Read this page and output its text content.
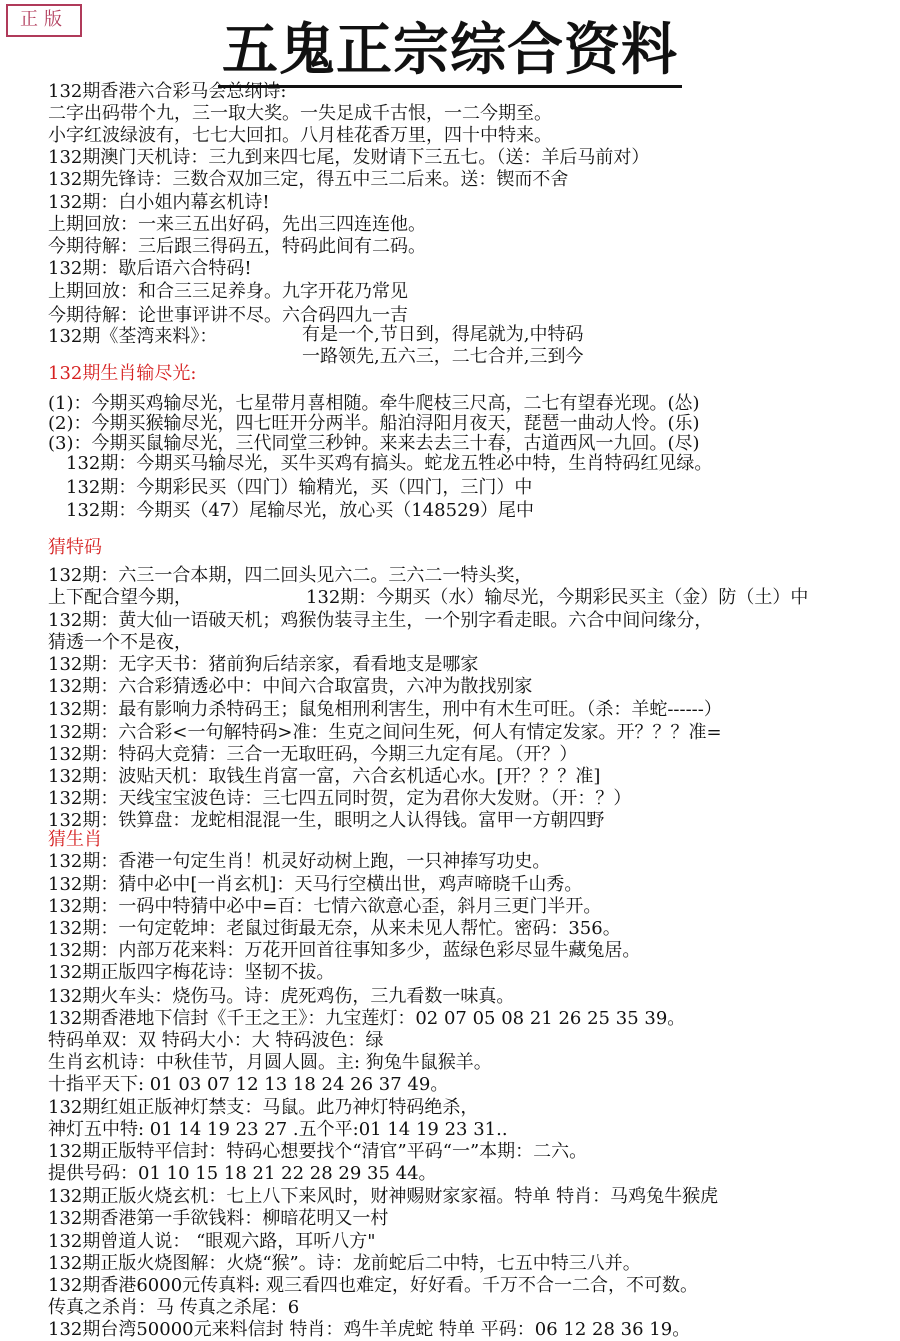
正版	五鬼正宗综合资料
132期香港六合彩马会总纲诗:
二字出码带个九，三一取大奖。一失足成千古恨，一二今期至。
小字红波绿波有，七七大回扣。八月桂花香万里，四十中特来。
132期澳门天机诗：三九到来四七尾，发财请下三五七。（送：羊后马前对）
132期先锋诗：三数合双加三定，得五中三二后来。送：锲而不舍
132期：白小姐内幕玄机诗!
上期回放：一来三五出好码，先出三四连连他。
今期待解：三后跟三得码五，特码此间有二码。
132期：歇后语六合特码!
上期回放：和合三三足养身。九字开花乃常见
今期待解：论世事评讲不尽。六合码四九一吉
132期《荃湾来料》：	有是一个,节日到，得尾就为,中特码
一路领先,五六三，二七合并,三到今
132期生肖输尽光:
(1)：今期买鸡输尽光，七星带月喜相随。牵牛爬枝三尺高，二七有望春光现。(怂)
(2)：今期买猴输尽光，四七旺开分两半。船泊浔阳月夜天，琵琶一曲动人怜。(乐)
(3)：今期买鼠输尽光，三代同堂三秒钟。来来去去三十春，古道西风一九回。(尽)
132期：今期买马输尽光，买牛买鸡有搞头。蛇龙五牲必中特，生肖特码红见绿。
132期：今期彩民买（四门）输精光，买（四门，三门）中
132期：今期买（47）尾输尽光，放心买（148529）尾中
猜特码
132期：六三一合本期，四二回头见六二。三六二一特头奖，
上下配合望今期，	132期：今期买（水）输尽光，今期彩民买主（金）防（土）中
132期：黄大仙一语破天机；鸡猴伪装寻主生，一个别字看走眼。六合中间问缘分，
猜透一个不是夜，
132期：无字天书：猪前狗后结亲家，看看地支是哪家
132期：六合彩猜透必中：中间六合取富贵，六冲为散找别家
132期：最有影响力杀特码王；鼠兔相刑利害生，刑中有木生可旺。（杀：羊蛇------）
132期：六合彩<一句解特码>准：生克之间问生死，何人有情定发家。开？？？准=
132期：特码大竞猜：三合一无取旺码，今期三九定有尾。（开？）
132期：波贴天机：取钱生肖富一富，六合玄机适心水。[开？？？准]
132期：天线宝宝波色诗：三七四五同时贺，定为君你大发财。（开：？）
132期：铁算盘：龙蛇相混混一生，眼明之人认得钱。富甲一方朝四野
猜生肖
132期：香港一句定生肖！机灵好动树上跑，一只神捧写功史。
132期：猜中必中[一肖玄机]：天马行空横出世，鸡声啼晓千山秀。
132期：一码中特猜中必中=百：七情六欲意心歪，斜月三更门半开。
132期：一句定乾坤：老鼠过街最无奈，从来未见人帮忙。密码：356。
132期：内部万花来料：万花开回首往事知多少，蓝绿色彩尽显牛藏兔居。
132期正版四字梅花诗：坚韧不拔。
132期火车头：烧伤马。诗：虎死鸡伤，三九看数一味真。
132期香港地下信封《千王之王》：九宝莲灯：02 07 05 08 21 26 25 35 39。
特码单双：双 特码大小：大 特码波色：绿
生肖玄机诗：中秋佳节，月圆人圆。主: 狗兔牛鼠猴羊。
十指平天下: 01 03 07 12 13 18 24 26 37 49。
132期红姐正版神灯禁支：马鼠。此乃神灯特码绝杀，
神灯五中特: 01 14 19 23 27 .五个平:01 14 19 23 31..
132期正版特平信封：特码心想要找个“清官”平码“一”本期：二六。
提供号码：01 10 15 18 21 22 28 29 35 44。
132期正版火烧玄机：七上八下来风时，财神赐财家家福。特单 特肖：马鸡兔牛猴虎
132期香港第一手欲钱料：柳暗花明又一村
132期曾道人说： “眼观六路，耳听八方"
132期正版火烧图解：火烧“猴”。诗：龙前蛇后二中特，七五中特三八并。
132期香港6000元传真料: 观三看四也难定，好好看。千万不合一二合，不可数。
传真之杀肖：马 传真之杀尾：6
132期台湾50000元来料信封 特肖：鸡牛羊虎蛇 特单 平码：06 12 28 36 19。
